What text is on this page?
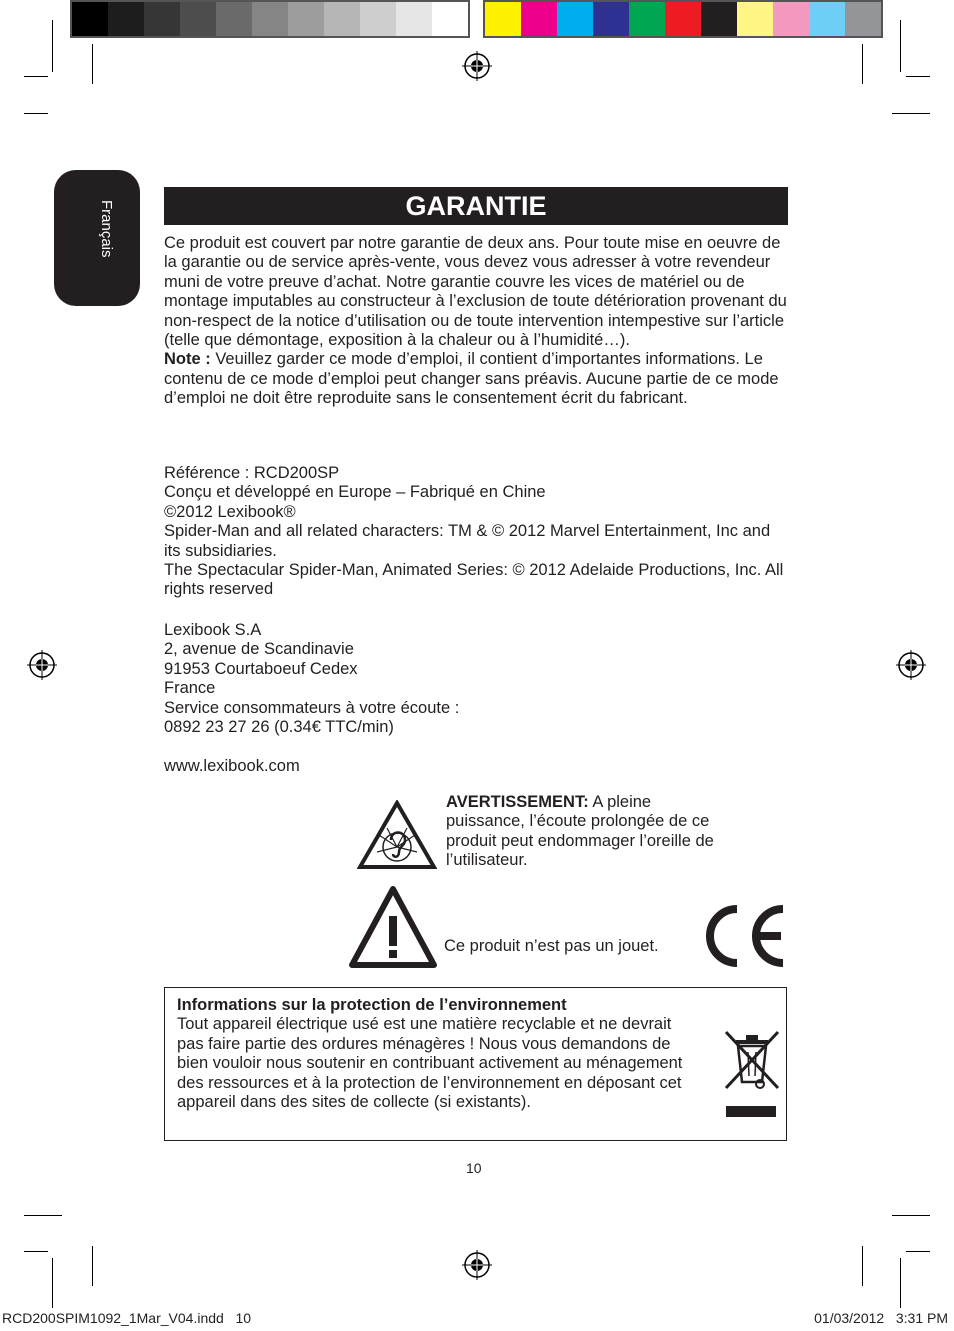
Français	GARANTIE

Ce produit est couvert par notre garantie de deux ans. Pour toute mise en oeuvre de la garantie ou de service après-vente, vous devez vous adresser à votre revendeur muni de votre preuve d’achat. Notre garantie couvre les vices de matériel ou de montage imputables au constructeur à l’exclusion de toute détérioration provenant du non-respect de la notice d’utilisation ou de toute intervention intempestive sur l’article (telle que démontage, exposition à la chaleur ou à l’humidité…).

Note : Veuillez garder ce mode d’emploi, il contient d’importantes informations. Le contenu de ce mode d’emploi peut changer sans préavis. Aucune partie de ce mode d’emploi ne doit être reproduite sans le consentement écrit du fabricant.

Référence : RCD200SP

Conçu et développé en Europe – Fabriqué en Chine

©2012 Lexibook®

Spider-Man and all related characters: TM & © 2012 Marvel Entertainment, Inc and its subsidiaries.

The Spectacular Spider-Man, Animated Series: © 2012 Adelaide Productions, Inc. All rights reserved

Lexibook S.A

2, avenue de Scandinavie

91953 Courtaboeuf Cedex

France

Service consommateurs à votre écoute :

0892 23 27 26 (0.34€ TTC/min)

www.lexibook.com
AVERTISSEMENT: A pleine puissance, l’écoute prolongée de ce produit peut endommager l’oreille de l’utilisateur.
Ce produit n’est pas un jouet.
Informations sur la protection de l’environnement
Tout appareil électrique usé est une matière recyclable et ne devrait pas faire partie des ordures ménagères ! Nous vous demandons de bien vouloir nous soutenir en contribuant activement au ménagement des ressources et à la protection de l’environnement en déposant cet appareil dans des sites de collecte (si existants).
10
RCD200SPIM1092_1Mar_V04.indd   10	01/03/2012   3:31 PM
